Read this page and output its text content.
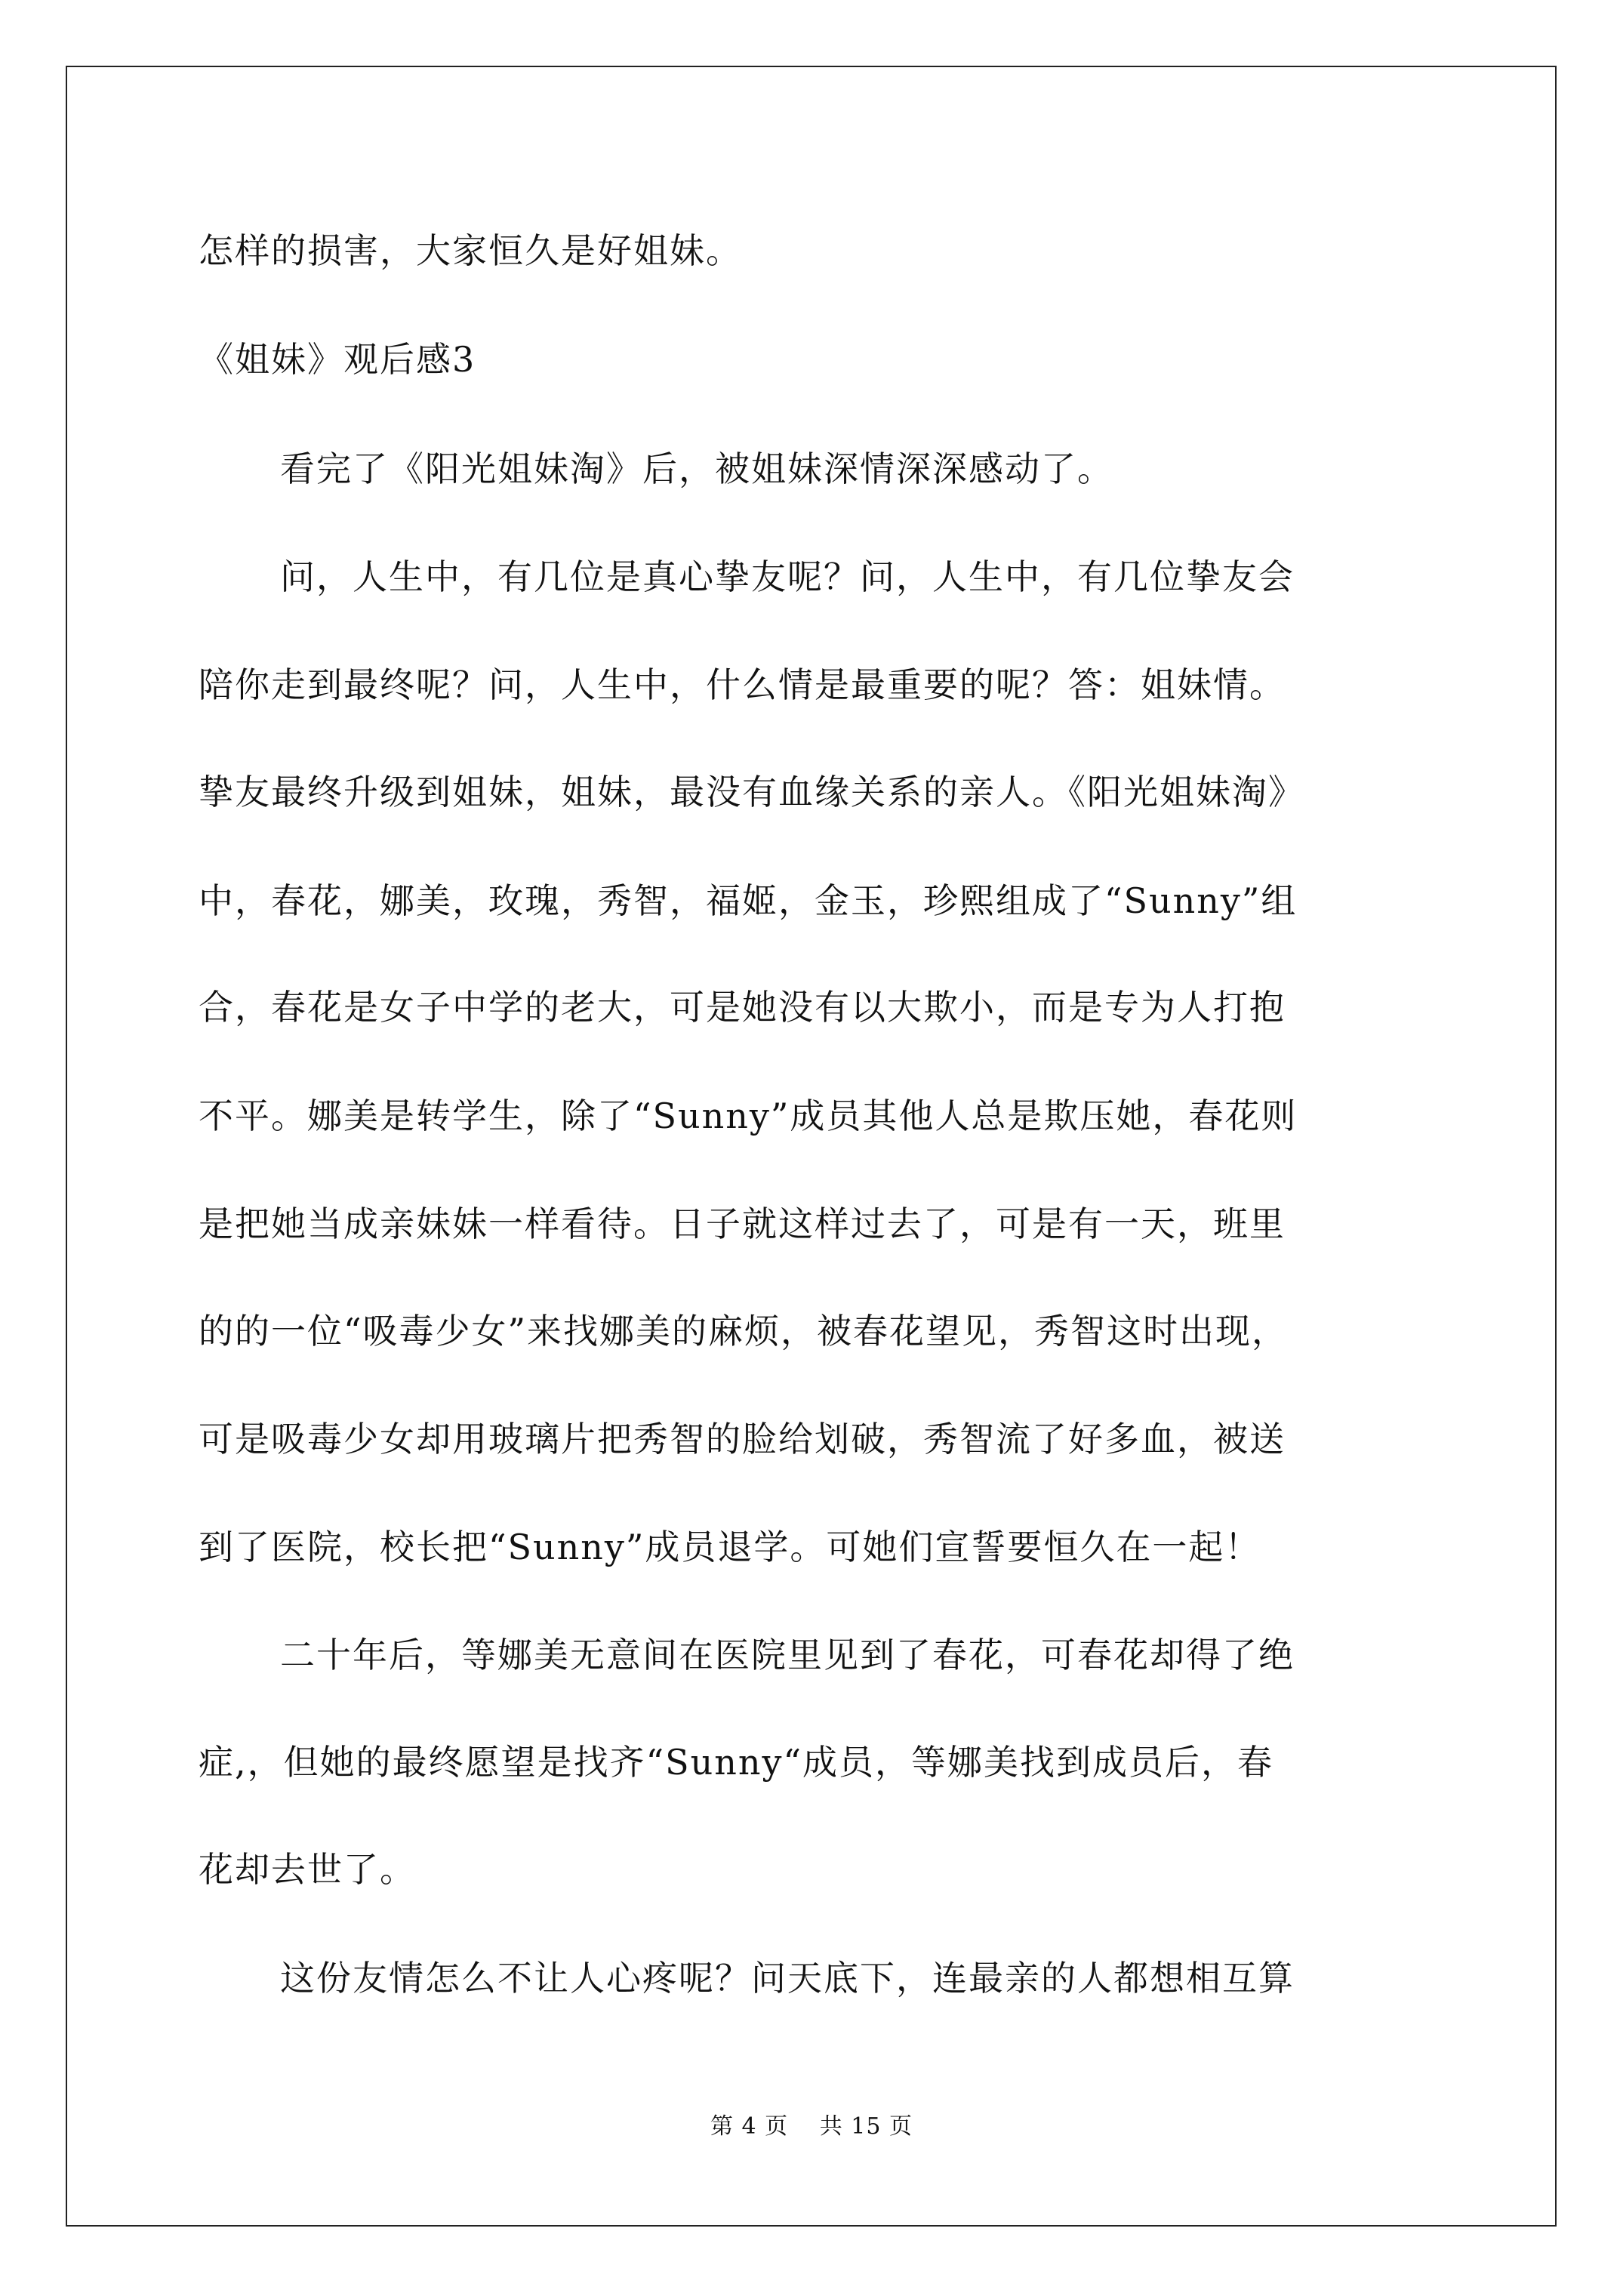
怎样的损害，大家恒久是好姐妹。
《姐妹》观后感3
看完了《阳光姐妹淘》后，被姐妹深情深深感动了。
问，人生中，有几位是真心挚友呢？问，人生中，有几位挚友会
陪你走到最终呢？问，人生中，什么情是最重要的呢？答：姐妹情。
挚友最终升级到姐妹，姐妹，最没有血缘关系的亲人。《阳光姐妹淘》
中，春花，娜美，玫瑰，秀智，福姬，金玉，珍熙组成了“Sunny”组
合，春花是女子中学的老大，可是她没有以大欺小，而是专为人打抱
不平。娜美是转学生，除了“Sunny”成员其他人总是欺压她，春花则
是把她当成亲妹妹一样看待。日子就这样过去了，可是有一天，班里
的的一位“吸毒少女”来找娜美的麻烦，被春花望见，秀智这时出现，
可是吸毒少女却用玻璃片把秀智的脸给划破，秀智流了好多血，被送
到了医院，校长把“Sunny”成员退学。可她们宣誓要恒久在一起！
二十年后，等娜美无意间在医院里见到了春花，可春花却得了绝
症,，但她的最终愿望是找齐“Sunny“成员，等娜美找到成员后，春
花却去世了。
这份友情怎么不让人心疼呢？问天底下，连最亲的人都想相互算
第 4 页　 共 15 页
